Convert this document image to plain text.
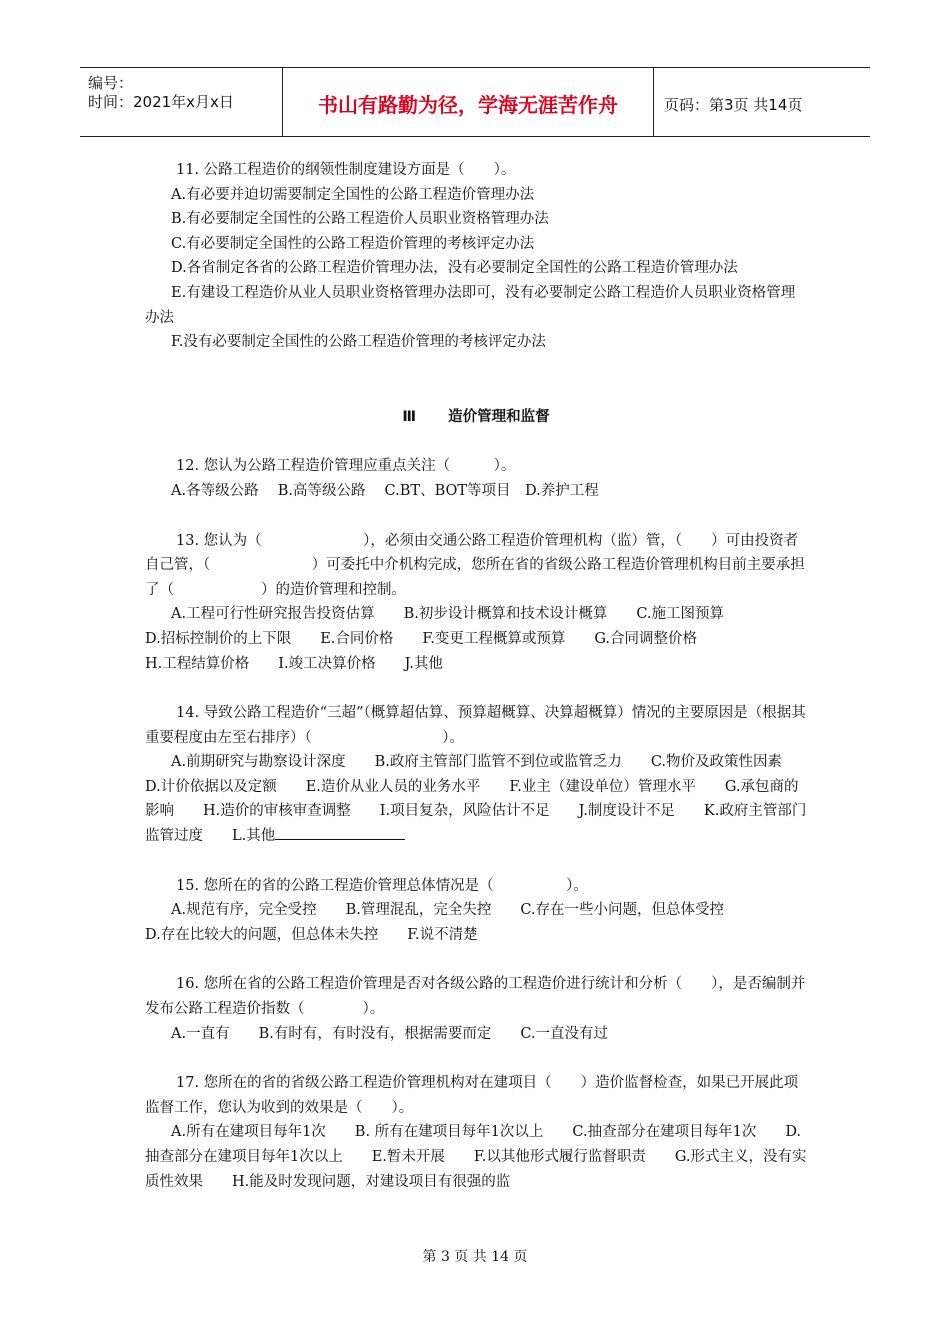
编号：
时间：2021年x月x日	书山有路勤为径，学海无涯苦作舟	页码：第3页 共14页

11. 公路工程造价的纲领性制度建设方面是（　　）。

A.有必要并迫切需要制定全国性的公路工程造价管理办法

B.有必要制定全国性的公路工程造价人员职业资格管理办法

C.有必要制定全国性的公路工程造价管理的考核评定办法

D.各省制定各省的公路工程造价管理办法，没有必要制定全国性的公路工程造价管理办法

E.有建设工程造价从业人员职业资格管理办法即可，没有必要制定公路工程造价人员职业资格管理办法

F.没有必要制定全国性的公路工程造价管理的考核评定办法

Ⅲ 造价管理和监督

12. 您认为公路工程造价管理应重点关注（　　　）。

A.各等级公路　 B.高等级公路　 C.BT、BOT等项目　D.养护工程

13. 您认为（　　　　　　　），必须由交通公路工程造价管理机构（监）管，（　　）可由投资者自己管，（　　　　　　　）可委托中介机构完成，您所在省的省级公路工程造价管理机构目前主要承担了（　　　　　　）的造价管理和控制。

A.工程可行性研究报告投资估算　　B.初步设计概算和技术设计概算　　C.施工图预算

D.招标控制价的上下限　　E.合同价格　　F.变更工程概算或预算　　G.合同调整价格

H.工程结算价格　　I.竣工决算价格　　J.其他

14. 导致公路工程造价“三超”（概算超估算、预算超概算、决算超概算）情况的主要原因是（根据其重要程度由左至右排序）（　　　　　　　　　）。

A.前期研究与勘察设计深度　　B.政府主管部门监管不到位或监管乏力　　C.物价及政策性因素　　D.计价依据以及定额　　E.造价从业人员的业务水平　　F.业主（建设单位）管理水平　　G.承包商的影响　　H.造价的审核审查调整　　I.项目复杂，风险估计不足　　J.制度设计不足　　K.政府主管部门监管过度　　L.其他

15. 您所在的省的公路工程造价管理总体情况是（　　　　　）。

A.规范有序，完全受控　　B.管理混乱，完全失控　　C.存在一些小问题，但总体受控

D.存在比较大的问题，但总体未失控　　F.说不清楚

16. 您所在省的公路工程造价管理是否对各级公路的工程造价进行统计和分析（　　），是否编制并发布公路工程造价指数（　　　　）。

A.一直有　　B.有时有，有时没有，根据需要而定　　C.一直没有过

17. 您所在的省的省级公路工程造价管理机构对在建项目（　　）造价监督检查，如果已开展此项监督工作，您认为收到的效果是（　　）。

A.所有在建项目每年1次　　B. 所有在建项目每年1次以上　　C.抽查部分在建项目每年1次　　D. 抽查部分在建项目每年1次以上　　E.暂未开展　　F.以其他形式履行监督职责　　G.形式主义，没有实质性效果　　H.能及时发现问题，对建设项目有很强的监

第 3 页 共 14 页
